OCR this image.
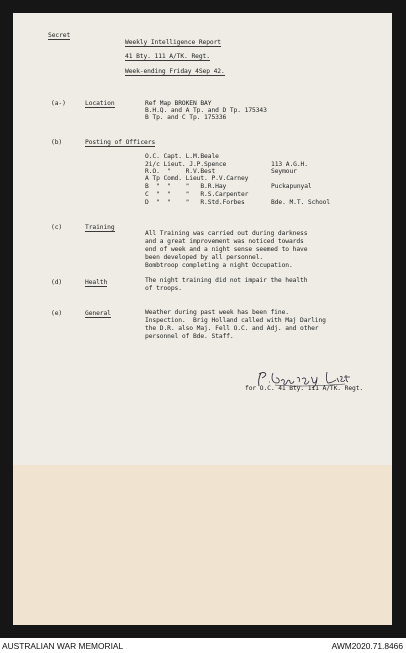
Secret
Weekly Intelligence Report
41 Bty. 111 A/TK. Regt.
Week-ending Friday 4Sep 42.
(a-)	Location	Ref Map BROKEN BAY
B.H.Q. and A Tp. and D Tp. 175343
B Tp. and C Tp. 175336
(b)	Posting of Officers
O.C. Capt. L.M.Beale
2i/c Lieut. J.P.Spence	113 A.G.H.
R.O.  "    R.V.Best	Seymour
A Tp Comd. Lieut. P.V.Carney
B  "  "    "   B.R.Hay	Puckapunyal
C  "  "    "   R.S.Carpenter
D  "  "    "   R.Std.Forbes	Bde. M.T. School
(c)	Training
All Training was carried out during darkness
and a great improvement was noticed towards
end of week and a night sense seemed to have
been developed by all personnel.
Bombtroop completing a night Occupation.
(d)	Health	The night training did not impair the health
of troops.
(e)	General	Weather during past week has been fine.
Inspection.  Brig Holland called with Maj Darling
the D.R. also Maj. Fell O.C. and Adj. and other
personnel of Bde. Staff.
for O.C. 41 Bty. 111 A/TK. Regt.
AUSTRALIAN WAR MEMORIAL	AWM2020.71.8466
